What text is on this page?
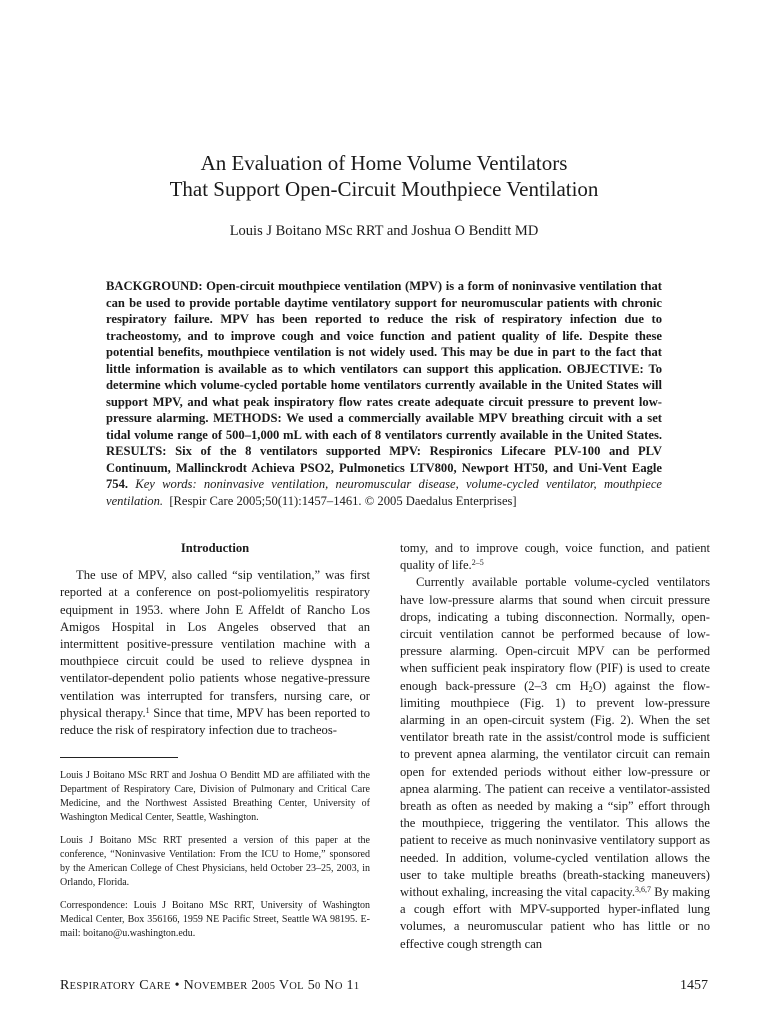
An Evaluation of Home Volume Ventilators
That Support Open-Circuit Mouthpiece Ventilation
Louis J Boitano MSc RRT and Joshua O Benditt MD
BACKGROUND: Open-circuit mouthpiece ventilation (MPV) is a form of noninvasive ventilation that can be used to provide portable daytime ventilatory support for neuromuscular patients with chronic respiratory failure. MPV has been reported to reduce the risk of respiratory infection due to tracheostomy, and to improve cough and voice function and patient quality of life. Despite these potential benefits, mouthpiece ventilation is not widely used. This may be due in part to the fact that little information is available as to which ventilators can support this application. OBJECTIVE: To determine which volume-cycled portable home ventilators currently available in the United States will support MPV, and what peak inspiratory flow rates create adequate circuit pressure to prevent low-pressure alarming. METHODS: We used a commercially available MPV breathing circuit with a set tidal volume range of 500–1,000 mL with each of 8 ventilators currently available in the United States. RESULTS: Six of the 8 ventilators supported MPV: Respironics Lifecare PLV-100 and PLV Continuum, Mallinckrodt Achieva PSO2, Pulmonetics LTV800, Newport HT50, and Uni-Vent Eagle 754. Key words: noninvasive ventilation, neuromuscular disease, volume-cycled ventilator, mouthpiece ventilation. [Respir Care 2005;50(11):1457–1461. © 2005 Daedalus Enterprises]
Introduction

The use of MPV, also called “sip ventilation,” was first reported at a conference on post-poliomyelitis respiratory equipment in 1953. where John E Affeldt of Rancho Los Amigos Hospital in Los Angeles observed that an intermittent positive-pressure ventilation machine with a mouthpiece circuit could be used to relieve dyspnea in ventilator-dependent polio patients whose negative-pressure ventilation was interrupted for transfers, nursing care, or physical therapy.$^1$ Since that time, MPV has been reported to reduce the risk of respiratory infection due to tracheos-

Louis J Boitano MSc RRT and Joshua O Benditt MD are affiliated with the Department of Respiratory Care, Division of Pulmonary and Critical Care Medicine, and the Northwest Assisted Breathing Center, University of Washington Medical Center, Seattle, Washington.

Louis J Boitano MSc RRT presented a version of this paper at the conference, “Noninvasive Ventilation: From the ICU to Home,” sponsored by the American College of Chest Physicians, held October 23–25, 2003, in Orlando, Florida.

Correspondence: Louis J Boitano MSc RRT, University of Washington Medical Center, Box 356166, 1959 NE Pacific Street, Seattle WA 98195. E-mail: boitano@u.washington.edu.

tomy, and to improve cough, voice function, and patient quality of life.$^{2-5}$

Currently available portable volume-cycled ventilators have low-pressure alarms that sound when circuit pressure drops, indicating a tubing disconnection. Normally, open-circuit ventilation cannot be performed because of low-pressure alarming. Open-circuit MPV can be performed when sufficient peak inspiratory flow (PIF) is used to create enough back-pressure (2–3 cm $H_2O$) against the flow-limiting mouthpiece (Fig. 1) to prevent low-pressure alarming in an open-circuit system (Fig. 2). When the set ventilator breath rate in the assist/control mode is sufficient to prevent apnea alarming, the ventilator circuit can remain open for extended periods without either low-pressure or apnea alarming. The patient can receive a ventilator-assisted breath as often as needed by making a “sip” effort through the mouthpiece, triggering the ventilator. This allows the patient to receive as much noninvasive ventilatory support as needed. In addition, volume-cycled ventilation allows the user to take multiple breaths (breath-stacking maneuvers) without exhaling, increasing the vital capacity.$^{3,6,7}$ By making a cough effort with MPV-supported hyper-inflated lung volumes, a neuromuscular patient who has little or no effective cough strength can

RESPIRATORY CARE • NOVEMBER 2005 VOL 50 NO 11	1457
